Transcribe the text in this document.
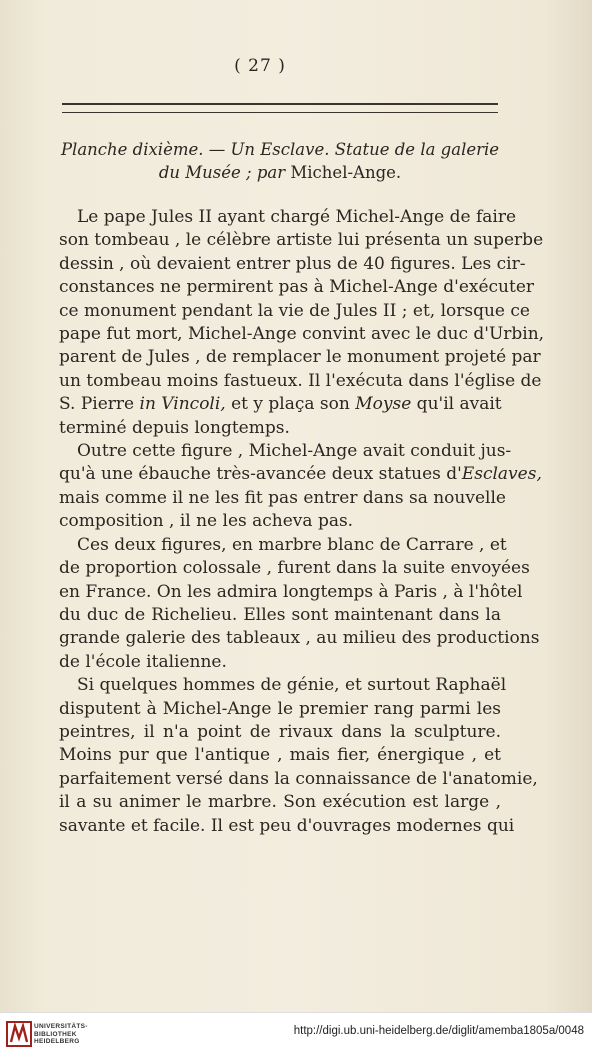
( 27 )
Planche dixième. — Un Esclave. Statue de la galerie
du Musée ; par Michel-Ange.

Le pape Jules II ayant chargé Michel-Ange de faire
son tombeau , le célèbre artiste lui présenta un superbe
dessin , où devaient entrer plus de 40 figures. Les cir-
constances ne permirent pas à Michel-Ange d'exécuter
ce monument pendant la vie de Jules II ; et, lorsque ce
pape fut mort, Michel-Ange convint avec le duc d'Urbin,
parent de Jules , de remplacer le monument projeté par
un tombeau moins fastueux. Il l'exécuta dans l'église de
S. Pierre in Vincoli, et y plaça son Moyse qu'il avait
terminé depuis longtemps.

Outre cette figure , Michel-Ange avait conduit jus-
qu'à une ébauche très-avancée deux statues d'Esclaves,
mais comme il ne les fit pas entrer dans sa nouvelle
composition , il ne les acheva pas.

Ces deux figures, en marbre blanc de Carrare , et
de proportion colossale , furent dans la suite envoyées
en France. On les admira longtemps à Paris , à l'hôtel
du duc de Richelieu. Elles sont maintenant dans la
grande galerie des tableaux , au milieu des productions
de l'école italienne.

Si quelques hommes de génie, et surtout Raphaël
disputent à Michel-Ange le premier rang parmi les
peintres, il n'a point de rivaux dans la sculpture.
Moins pur que l'antique , mais fier, énergique , et
parfaitement versé dans la connaissance de l'anatomie,
il a su animer le marbre. Son exécution est large ,
savante et facile. Il est peu d'ouvrages modernes qui

UNIVERSITÄTS-
BIBLIOTHEK
HEIDELBERG
http://digi.ub.uni-heidelberg.de/diglit/amemba1805a/0048
